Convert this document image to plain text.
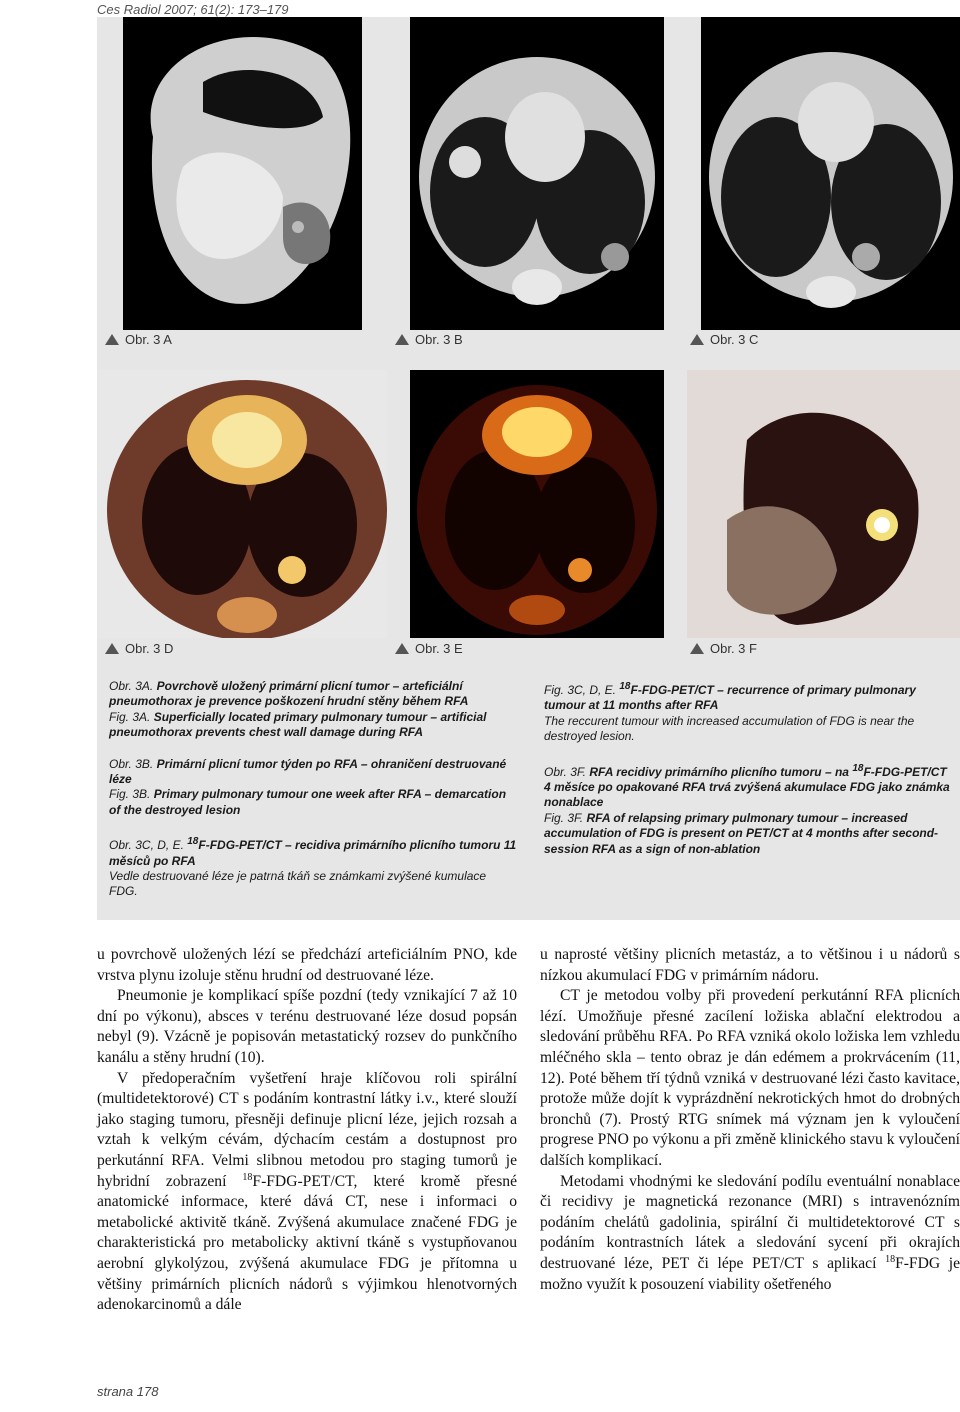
Ces Radiol 2007; 61(2): 173–179
Obr. 3 A	Obr. 3 B	Obr. 3 C
Obr. 3 D	Obr. 3 E	Obr. 3 F

Obr. 3A. Povrchově uložený primární plicní tumor – arteficiální pneumothorax je prevence poškození hrudní stěny během RFA

Fig. 3A. Superficially located primary pulmonary tumour – artificial pneumothorax prevents chest wall damage during RFA

Obr. 3B. Primární plicní tumor týden po RFA – ohraničení destruované léze

Fig. 3B. Primary pulmonary tumour one week after RFA – demarcation of the destroyed lesion

Obr. 3C, D, E. $^{18}$F-FDG-PET/CT – recidiva primárního plicního tumoru 11 měsíců po RFA

Vedle destruované léze je patrná tkáň se známkami zvýšené kumulace FDG.

Fig. 3C, D, E. $^{18}$F-FDG-PET/CT – recurrence of primary pulmonary tumour at 11 months after RFA

The reccurent tumour with increased accumulation of FDG is near the destroyed lesion.

Obr. 3F. RFA recidivy primárního plicního tumoru – na $^{18}$F-FDG-PET/CT 4 měsíce po opakované RFA trvá zvýšená akumulace FDG jako známka nonablace

Fig. 3F. RFA of relapsing primary pulmonary tumour – increased accumulation of FDG is present on PET/CT at 4 months after second-session RFA as a sign of non-ablation

u povrchově uložených lézí se předchází arteficiálním PNO, kde vrstva plynu izoluje stěnu hrudní od destruované léze.

Pneumonie je komplikací spíše pozdní (tedy vznikající 7 až 10 dní po výkonu), absces v terénu destruované léze dosud popsán nebyl (9). Vzácně je popisován metastatický rozsev do punkčního kanálu a stěny hrudní (10).

V předoperačním vyšetření hraje klíčovou roli spirální (multidetektorové) CT s podáním kontrastní látky i.v., které slouží jako staging tumoru, přesněji definuje plicní léze, jejich rozsah a vztah k velkým cévám, dýchacím cestám a dostupnost pro perkutánní RFA. Velmi slibnou metodou pro staging tumorů je hybridní zobrazení $^{18}$F-FDG-PET/CT, které kromě přesné anatomické informace, které dává CT, nese i informaci o metabolické aktivitě tkáně. Zvýšená akumulace značené FDG je charakteristická pro metabolicky aktivní tkáně s vystupňovanou aerobní glykolýzou, zvýšená akumulace FDG je přítomna u většiny primárních plicních nádorů s výjimkou hlenotvorných adenokarcinomů a dále

u naprosté většiny plicních metastáz, a to většinou i u nádorů s nízkou akumulací FDG v primárním nádoru.

CT je metodou volby při provedení perkutánní RFA plicních lézí. Umožňuje přesné zacílení ložiska ablační elektrodou a sledování průběhu RFA. Po RFA vzniká okolo ložiska lem vzhledu mléčného skla – tento obraz je dán edémem a prokrvácením (11, 12). Poté během tří týdnů vzniká v destruované lézi často kavitace, protože může dojít k vyprázdnění nekrotických hmot do drobných bronchů (7). Prostý RTG snímek má význam jen k vyloučení progrese PNO po výkonu a při změně klinického stavu k vyloučení dalších komplikací.

Metodami vhodnými ke sledování podílu eventuální nonablace či recidivy je magnetická rezonance (MRI) s intravenózním podáním chelátů gadolinia, spirální či multidetektorové CT s podáním kontrastních látek a sledování sycení při okrajích destruované léze, PET či lépe PET/CT s aplikací $^{18}$F-FDG je možno využít k posouzení viability ošetřeného

strana 178
